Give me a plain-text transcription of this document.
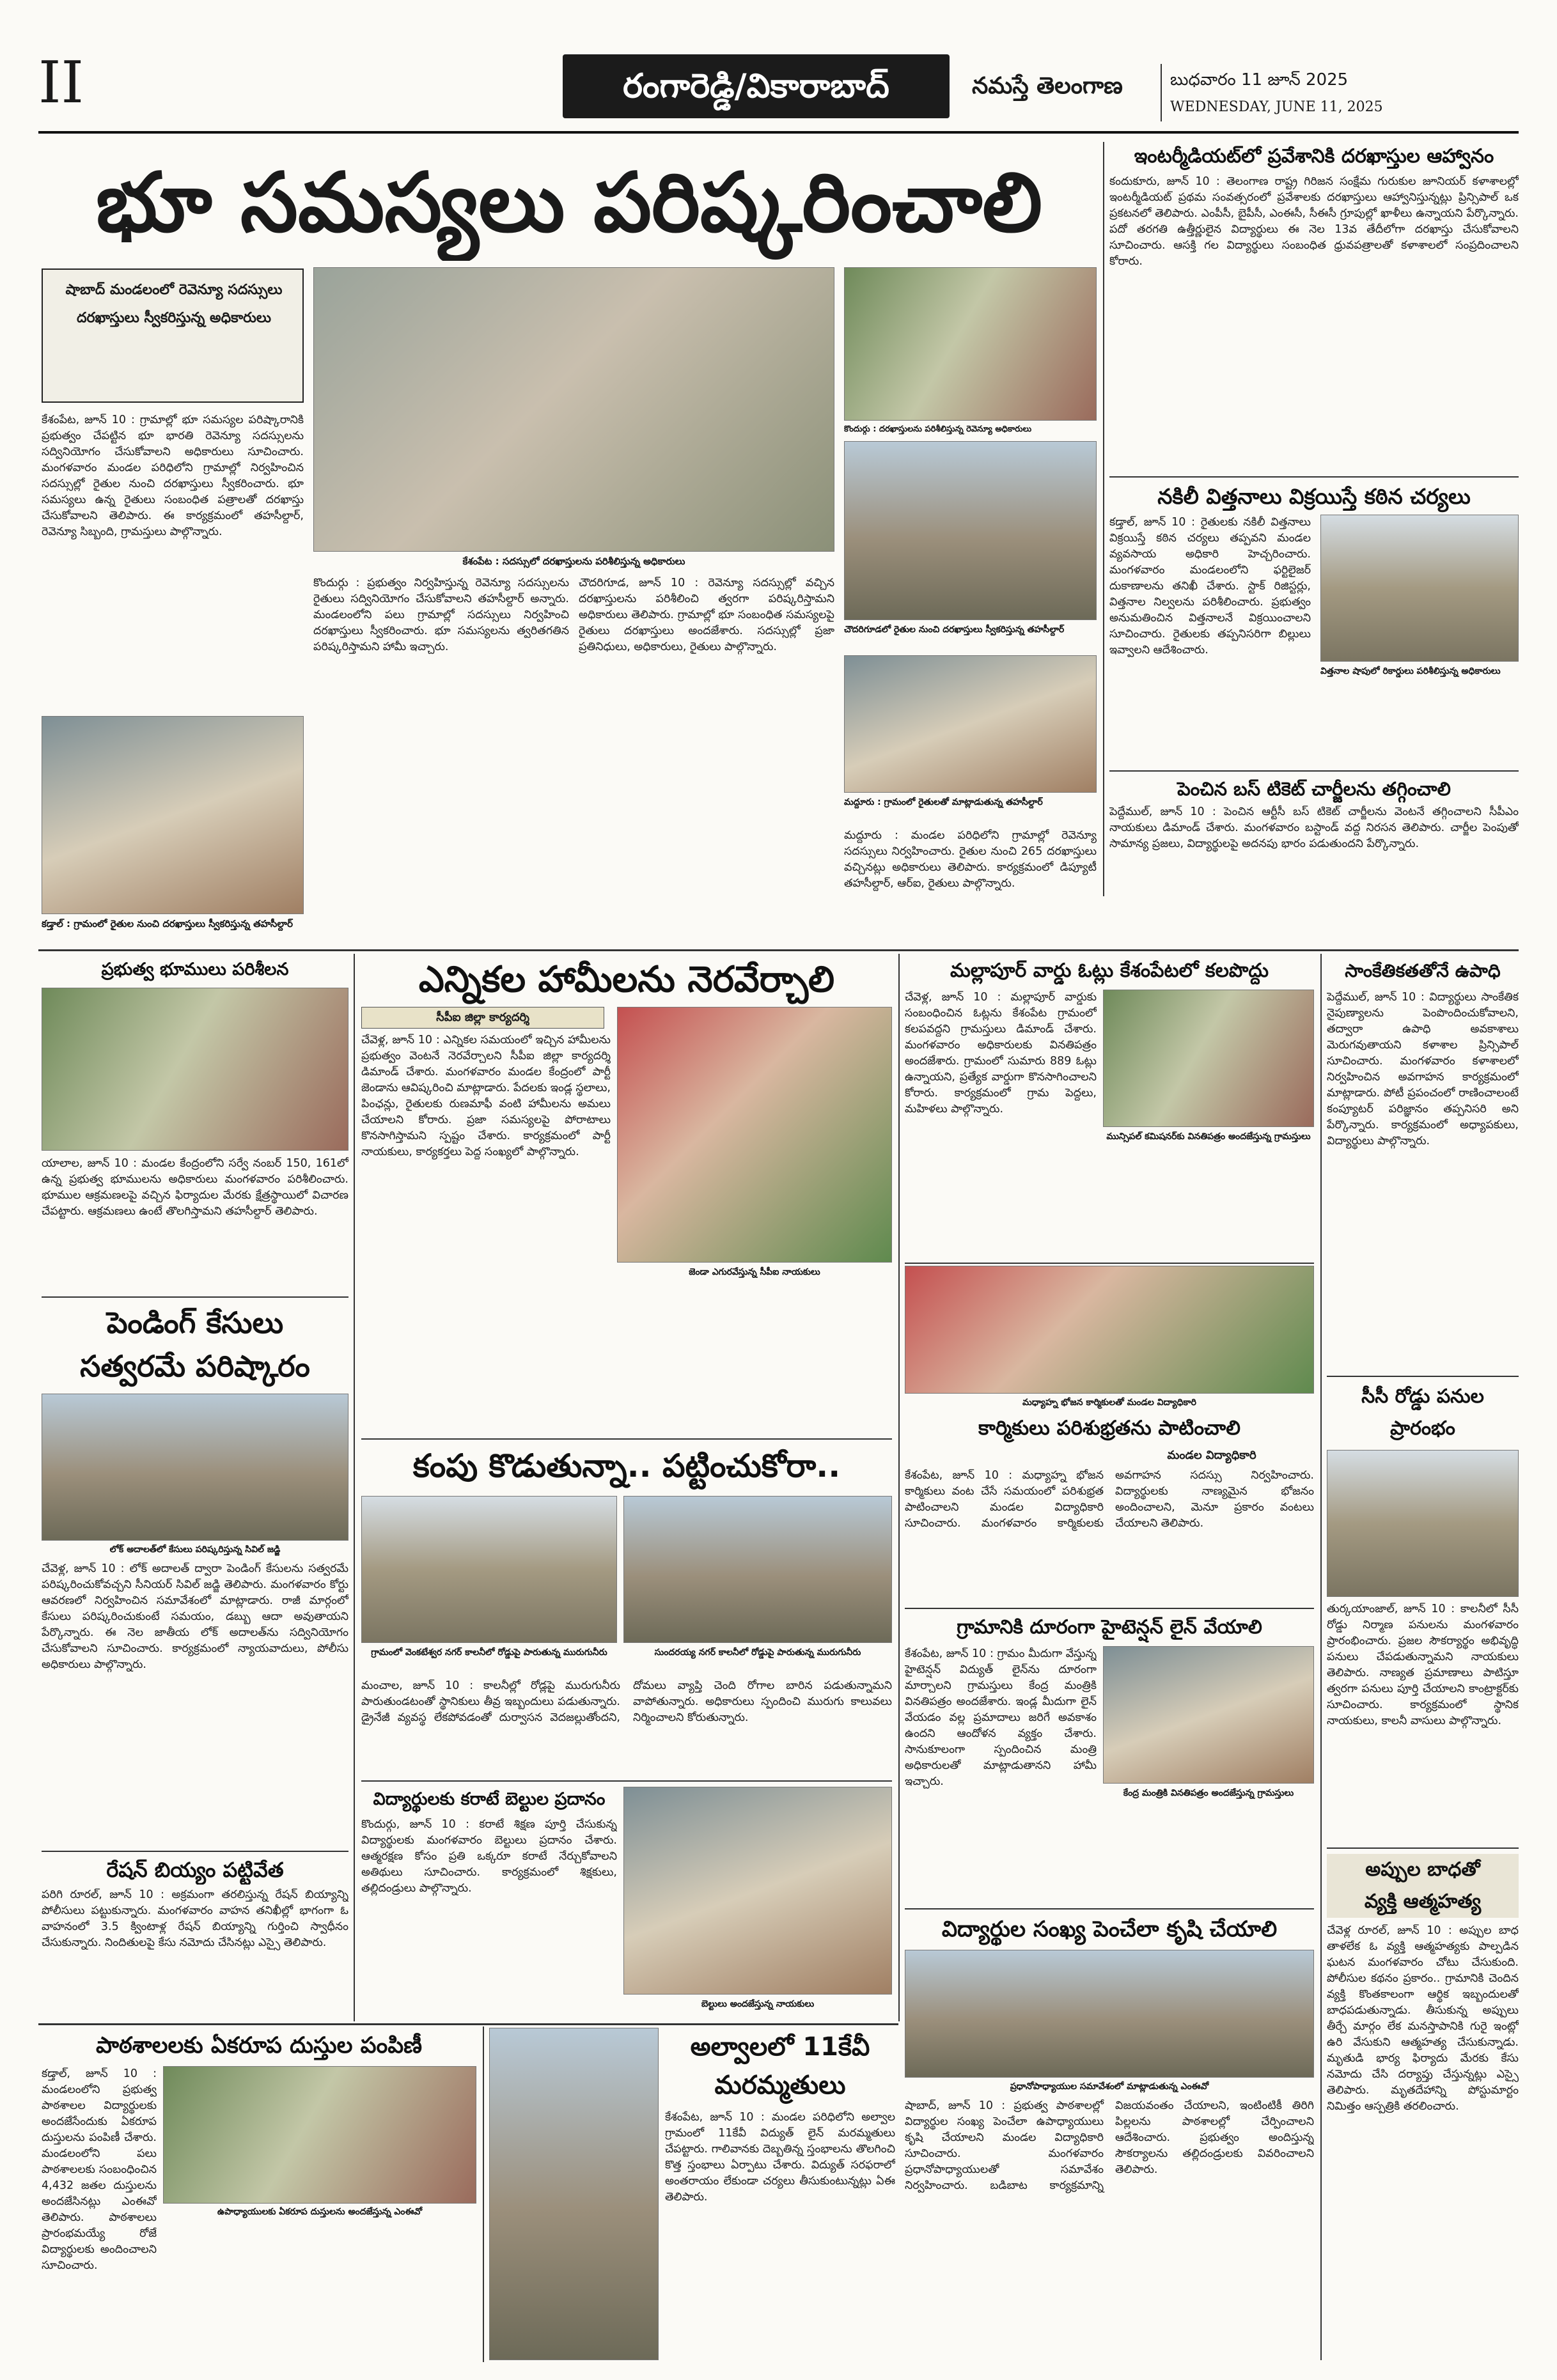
II	రంగారెడ్డి/వికారాబాద్	నమస్తే తెలంగాణ	బుధవారం 11 జూన్ 2025
WEDNESDAY, JUNE 11, 2025
భూ సమస్యలు పరిష్కరించాలి
షాబాద్ మండలంలో రెవెన్యూ సదస్సులు
దరఖాస్తులు స్వీకరిస్తున్న అధికారులు
కేశంపేట, జూన్ 10 : గ్రామాల్లో భూ సమస్యల పరిష్కారానికి ప్రభుత్వం చేపట్టిన భూ భారతి రెవెన్యూ సదస్సులను సద్వినియోగం చేసుకోవాలని అధికారులు సూచించారు. మంగళవారం మండల పరిధిలోని గ్రామాల్లో నిర్వహించిన సదస్సుల్లో రైతుల నుంచి దరఖాస్తులు స్వీకరించారు. భూ సమస్యలు ఉన్న రైతులు సంబంధిత పత్రాలతో దరఖాస్తు చేసుకోవాలని తెలిపారు. ఈ కార్యక్రమంలో తహసీల్దార్, రెవెన్యూ సిబ్బంది, గ్రామస్తులు పాల్గొన్నారు.
కడ్తాల్ : గ్రామంలో రైతుల నుంచి దరఖాస్తులు స్వీకరిస్తున్న తహసీల్దార్
కేశంపేట : సదస్సులో దరఖాస్తులను పరిశీలిస్తున్న అధికారులు
కొందుర్గు : ప్రభుత్వం నిర్వహిస్తున్న రెవెన్యూ సదస్సులను రైతులు సద్వినియోగం చేసుకోవాలని తహసీల్దార్ అన్నారు. మండలంలోని పలు గ్రామాల్లో సదస్సులు నిర్వహించి దరఖాస్తులు స్వీకరించారు. భూ సమస్యలను త్వరితగతిన పరిష్కరిస్తామని హామీ ఇచ్చారు.
చౌదరిగూడ, జూన్ 10 : రెవెన్యూ సదస్సుల్లో వచ్చిన దరఖాస్తులను పరిశీలించి త్వరగా పరిష్కరిస్తామని అధికారులు తెలిపారు. గ్రామాల్లో భూ సంబంధిత సమస్యలపై రైతులు దరఖాస్తులు అందజేశారు. సదస్సుల్లో ప్రజా ప్రతినిధులు, అధికారులు, రైతులు పాల్గొన్నారు.
కొందుర్గు : దరఖాస్తులను పరిశీలిస్తున్న రెవెన్యూ అధికారులు
చౌదరిగూడలో రైతుల నుంచి దరఖాస్తులు స్వీకరిస్తున్న తహసీల్దార్
మద్దూరు : గ్రామంలో రైతులతో మాట్లాడుతున్న తహసీల్దార్
మద్దూరు : మండల పరిధిలోని గ్రామాల్లో రెవెన్యూ సదస్సులు నిర్వహించారు. రైతుల నుంచి 265 దరఖాస్తులు వచ్చినట్లు అధికారులు తెలిపారు. కార్యక్రమంలో డిప్యూటీ తహసీల్దార్, ఆర్ఐ, రైతులు పాల్గొన్నారు.
ఇంటర్మీడియట్‌లో ప్రవేశానికి దరఖాస్తుల ఆహ్వానం
కందుకూరు, జూన్ 10 : తెలంగాణ రాష్ట్ర గిరిజన సంక్షేమ గురుకుల జూనియర్ కళాశాలల్లో ఇంటర్మీడియట్ ప్రథమ సంవత్సరంలో ప్రవేశాలకు దరఖాస్తులు ఆహ్వానిస్తున్నట్లు ప్రిన్సిపాల్ ఒక ప్రకటనలో తెలిపారు. ఎంపీసీ, బైపీసీ, ఎంఈసీ, సీఈసీ గ్రూపుల్లో ఖాళీలు ఉన్నాయని పేర్కొన్నారు. పదో తరగతి ఉత్తీర్ణులైన విద్యార్థులు ఈ నెల 13వ తేదీలోగా దరఖాస్తు చేసుకోవాలని సూచించారు. ఆసక్తి గల విద్యార్థులు సంబంధిత ధ్రువపత్రాలతో కళాశాలలో సంప్రదించాలని కోరారు.
నకిలీ విత్తనాలు విక్రయిస్తే కఠిన చర్యలు
కడ్తాల్, జూన్ 10 : రైతులకు నకిలీ విత్తనాలు విక్రయిస్తే కఠిన చర్యలు తప్పవని మండల వ్యవసాయ అధికారి హెచ్చరించారు. మంగళవారం మండలంలోని ఫర్టిలైజర్ దుకాణాలను తనిఖీ చేశారు. స్టాక్ రిజిస్టర్లు, విత్తనాల నిల్వలను పరిశీలించారు. ప్రభుత్వం అనుమతించిన విత్తనాలనే విక్రయించాలని సూచించారు. రైతులకు తప్పనిసరిగా బిల్లులు ఇవ్వాలని ఆదేశించారు.
విత్తనాల షాపులో రికార్డులు పరిశీలిస్తున్న అధికారులు
పెంచిన బస్ టికెట్ చార్జీలను తగ్గించాలి
పెద్దేముల్, జూన్ 10 : పెంచిన ఆర్టీసీ బస్ టికెట్ చార్జీలను వెంటనే తగ్గించాలని సీపీఎం నాయకులు డిమాండ్ చేశారు. మంగళవారం బస్టాండ్ వద్ద నిరసన తెలిపారు. చార్జీల పెంపుతో సామాన్య ప్రజలు, విద్యార్థులపై అదనపు భారం పడుతుందని పేర్కొన్నారు.
ప్రభుత్వ భూములు పరిశీలన
యాలాల, జూన్ 10 : మండల కేంద్రంలోని సర్వే నంబర్ 150, 161లో ఉన్న ప్రభుత్వ భూములను అధికారులు మంగళవారం పరిశీలించారు. భూముల ఆక్రమణలపై వచ్చిన ఫిర్యాదుల మేరకు క్షేత్రస్థాయిలో విచారణ చేపట్టారు. ఆక్రమణలు ఉంటే తొలగిస్తామని తహసీల్దార్ తెలిపారు.
పెండింగ్ కేసులు
సత్వరమే పరిష్కారం
లోక్ అదాలత్‌లో కేసులు పరిష్కరిస్తున్న సివిల్ జడ్జి
చేవెళ్ల, జూన్ 10 : లోక్ అదాలత్ ద్వారా పెండింగ్ కేసులను సత్వరమే పరిష్కరించుకోవచ్చని సీనియర్ సివిల్ జడ్జి తెలిపారు. మంగళవారం కోర్టు ఆవరణలో నిర్వహించిన సమావేశంలో మాట్లాడారు. రాజీ మార్గంలో కేసులు పరిష్కరించుకుంటే సమయం, డబ్బు ఆదా అవుతాయని పేర్కొన్నారు. ఈ నెల జాతీయ లోక్ అదాలత్‌ను సద్వినియోగం చేసుకోవాలని సూచించారు. కార్యక్రమంలో న్యాయవాదులు, పోలీసు అధికారులు పాల్గొన్నారు.
రేషన్ బియ్యం పట్టివేత
పరిగి రూరల్, జూన్ 10 : అక్రమంగా తరలిస్తున్న రేషన్ బియ్యాన్ని పోలీసులు పట్టుకున్నారు. మంగళవారం వాహన తనిఖీల్లో భాగంగా ఓ వాహనంలో 3.5 క్వింటాళ్ల రేషన్ బియ్యాన్ని గుర్తించి స్వాధీనం చేసుకున్నారు. నిందితులపై కేసు నమోదు చేసినట్లు ఎస్సై తెలిపారు.
ఎన్నికల హామీలను నెరవేర్చాలి
సీపీఐ జిల్లా కార్యదర్శి
చేవెళ్ల, జూన్ 10 : ఎన్నికల సమయంలో ఇచ్చిన హామీలను ప్రభుత్వం వెంటనే నెరవేర్చాలని సీపీఐ జిల్లా కార్యదర్శి డిమాండ్ చేశారు. మంగళవారం మండల కేంద్రంలో పార్టీ జెండాను ఆవిష్కరించి మాట్లాడారు. పేదలకు ఇండ్ల స్థలాలు, పింఛన్లు, రైతులకు రుణమాఫీ వంటి హామీలను అమలు చేయాలని కోరారు. ప్రజా సమస్యలపై పోరాటాలు కొనసాగిస్తామని స్పష్టం చేశారు. కార్యక్రమంలో పార్టీ నాయకులు, కార్యకర్తలు పెద్ద సంఖ్యలో పాల్గొన్నారు.
జెండా ఎగురవేస్తున్న సీపీఐ నాయకులు
కంపు కొడుతున్నా.. పట్టించుకోరా..
గ్రామంలో వెంకటేశ్వర నగర్ కాలనీలో రోడ్డుపై పారుతున్న మురుగునీరు	సుందరయ్య నగర్ కాలనీలో రోడ్డుపై పారుతున్న మురుగునీరు
మంచాల, జూన్ 10 : కాలనీల్లో రోడ్లపై మురుగునీరు పారుతుండటంతో స్థానికులు తీవ్ర ఇబ్బందులు పడుతున్నారు. డ్రైనేజీ వ్యవస్థ లేకపోవడంతో దుర్వాసన వెదజల్లుతోందని, దోమలు వ్యాప్తి చెంది రోగాల బారిన పడుతున్నామని వాపోతున్నారు. అధికారులు స్పందించి మురుగు కాలువలు నిర్మించాలని కోరుతున్నారు.
విద్యార్థులకు కరాటే బెల్టుల ప్రదానం
కొందుర్గు, జూన్ 10 : కరాటే శిక్షణ పూర్తి చేసుకున్న విద్యార్థులకు మంగళవారం బెల్టులు ప్రదానం చేశారు. ఆత్మరక్షణ కోసం ప్రతి ఒక్కరూ కరాటే నేర్చుకోవాలని అతిథులు సూచించారు. కార్యక్రమంలో శిక్షకులు, తల్లిదండ్రులు పాల్గొన్నారు.
బెల్టులు అందజేస్తున్న నాయకులు
మల్లాపూర్ వార్డు ఓట్లు కేశంపేటలో కలపొద్దు
చేవెళ్ల, జూన్ 10 : మల్లాపూర్ వార్డుకు సంబంధించిన ఓట్లను కేశంపేట గ్రామంలో కలపవద్దని గ్రామస్తులు డిమాండ్ చేశారు. మంగళవారం అధికారులకు వినతిపత్రం అందజేశారు. గ్రామంలో సుమారు 889 ఓట్లు ఉన్నాయని, ప్రత్యేక వార్డుగా కొనసాగించాలని కోరారు. కార్యక్రమంలో గ్రామ పెద్దలు, మహిళలు పాల్గొన్నారు.
మున్సిపల్ కమిషనర్‌కు వినతిపత్రం అందజేస్తున్న గ్రామస్తులు
మధ్యాహ్న భోజన కార్మికులతో మండల విద్యాధికారి
కార్మికులు పరిశుభ్రతను పాటించాలి
మండల విద్యాధికారి
కేశంపేట, జూన్ 10 : మధ్యాహ్న భోజన కార్మికులు వంట చేసే సమయంలో పరిశుభ్రత పాటించాలని మండల విద్యాధికారి సూచించారు. మంగళవారం కార్మికులకు అవగాహన సదస్సు నిర్వహించారు. విద్యార్థులకు నాణ్యమైన భోజనం అందించాలని, మెనూ ప్రకారం వంటలు చేయాలని తెలిపారు.
గ్రామానికి దూరంగా హైటెన్షన్ లైన్ వేయాలి
కేశంపేట, జూన్ 10 : గ్రామం మీదుగా వేస్తున్న హైటెన్షన్ విద్యుత్ లైన్‌ను దూరంగా మార్చాలని గ్రామస్తులు కేంద్ర మంత్రికి వినతిపత్రం అందజేశారు. ఇండ్ల మీదుగా లైన్ వేయడం వల్ల ప్రమాదాలు జరిగే అవకాశం ఉందని ఆందోళన వ్యక్తం చేశారు. సానుకూలంగా స్పందించిన మంత్రి అధికారులతో మాట్లాడుతానని హామీ ఇచ్చారు.
కేంద్ర మంత్రికి వినతిపత్రం అందజేస్తున్న గ్రామస్తులు
విద్యార్థుల సంఖ్య పెంచేలా కృషి చేయాలి
ప్రధానోపాధ్యాయుల సమావేశంలో మాట్లాడుతున్న ఎంఈవో
షాబాద్, జూన్ 10 : ప్రభుత్వ పాఠశాలల్లో విద్యార్థుల సంఖ్య పెంచేలా ఉపాధ్యాయులు కృషి చేయాలని మండల విద్యాధికారి సూచించారు. మంగళవారం ప్రధానోపాధ్యాయులతో సమావేశం నిర్వహించారు. బడిబాట కార్యక్రమాన్ని విజయవంతం చేయాలని, ఇంటింటికీ తిరిగి పిల్లలను పాఠశాలల్లో చేర్పించాలని ఆదేశించారు. ప్రభుత్వం అందిస్తున్న సౌకర్యాలను తల్లిదండ్రులకు వివరించాలని తెలిపారు.
సాంకేతికతతోనే ఉపాధి
పెద్దేముల్, జూన్ 10 : విద్యార్థులు సాంకేతిక నైపుణ్యాలను పెంపొందించుకోవాలని, తద్వారా ఉపాధి అవకాశాలు మెరుగవుతాయని కళాశాల ప్రిన్సిపాల్ సూచించారు. మంగళవారం కళాశాలలో నిర్వహించిన అవగాహన కార్యక్రమంలో మాట్లాడారు. పోటీ ప్రపంచంలో రాణించాలంటే కంప్యూటర్ పరిజ్ఞానం తప్పనిసరి అని పేర్కొన్నారు. కార్యక్రమంలో అధ్యాపకులు, విద్యార్థులు పాల్గొన్నారు.
సీసీ రోడ్డు పనుల
ప్రారంభం
తుర్కయాంజాల్, జూన్ 10 : కాలనీలో సీసీ రోడ్డు నిర్మాణ పనులను మంగళవారం ప్రారంభించారు. ప్రజల సౌకర్యార్థం అభివృద్ధి పనులు చేపడుతున్నామని నాయకులు తెలిపారు. నాణ్యత ప్రమాణాలు పాటిస్తూ త్వరగా పనులు పూర్తి చేయాలని కాంట్రాక్టర్‌కు సూచించారు. కార్యక్రమంలో స్థానిక నాయకులు, కాలనీ వాసులు పాల్గొన్నారు.
అప్పుల బాధతో
వ్యక్తి ఆత్మహత్య
చేవెళ్ల రూరల్, జూన్ 10 : అప్పుల బాధ తాళలేక ఓ వ్యక్తి ఆత్మహత్యకు పాల్పడిన ఘటన మంగళవారం చోటు చేసుకుంది. పోలీసుల కథనం ప్రకారం.. గ్రామానికి చెందిన వ్యక్తి కొంతకాలంగా ఆర్థిక ఇబ్బందులతో బాధపడుతున్నాడు. తీసుకున్న అప్పులు తీర్చే మార్గం లేక మనస్తాపానికి గురై ఇంట్లో ఉరి వేసుకుని ఆత్మహత్య చేసుకున్నాడు. మృతుడి భార్య ఫిర్యాదు మేరకు కేసు నమోదు చేసి దర్యాప్తు చేస్తున్నట్లు ఎస్సై తెలిపారు. మృతదేహాన్ని పోస్టుమార్టం నిమిత్తం ఆస్పత్రికి తరలించారు.
పాఠశాలలకు ఏకరూప దుస్తుల పంపిణీ
కడ్తాల్, జూన్ 10 : మండలంలోని ప్రభుత్వ పాఠశాలల విద్యార్థులకు అందజేసేందుకు ఏకరూప దుస్తులను పంపిణీ చేశారు. మండలంలోని పలు పాఠశాలలకు సంబంధించిన 4,432 జతల దుస్తులను అందజేసినట్లు ఎంఈవో తెలిపారు. పాఠశాలలు ప్రారంభమయ్యే రోజే విద్యార్థులకు అందించాలని సూచించారు.
ఉపాధ్యాయులకు ఏకరూప దుస్తులను అందజేస్తున్న ఎంఈవో
అల్వాలలో 11కేవీ
మరమ్మతులు
కేశంపేట, జూన్ 10 : మండల పరిధిలోని అల్వాల గ్రామంలో 11కేవీ విద్యుత్ లైన్ మరమ్మతులు చేపట్టారు. గాలివానకు దెబ్బతిన్న స్తంభాలను తొలగించి కొత్త స్తంభాలు ఏర్పాటు చేశారు. విద్యుత్ సరఫరాలో అంతరాయం లేకుండా చర్యలు తీసుకుంటున్నట్లు ఏఈ తెలిపారు.
